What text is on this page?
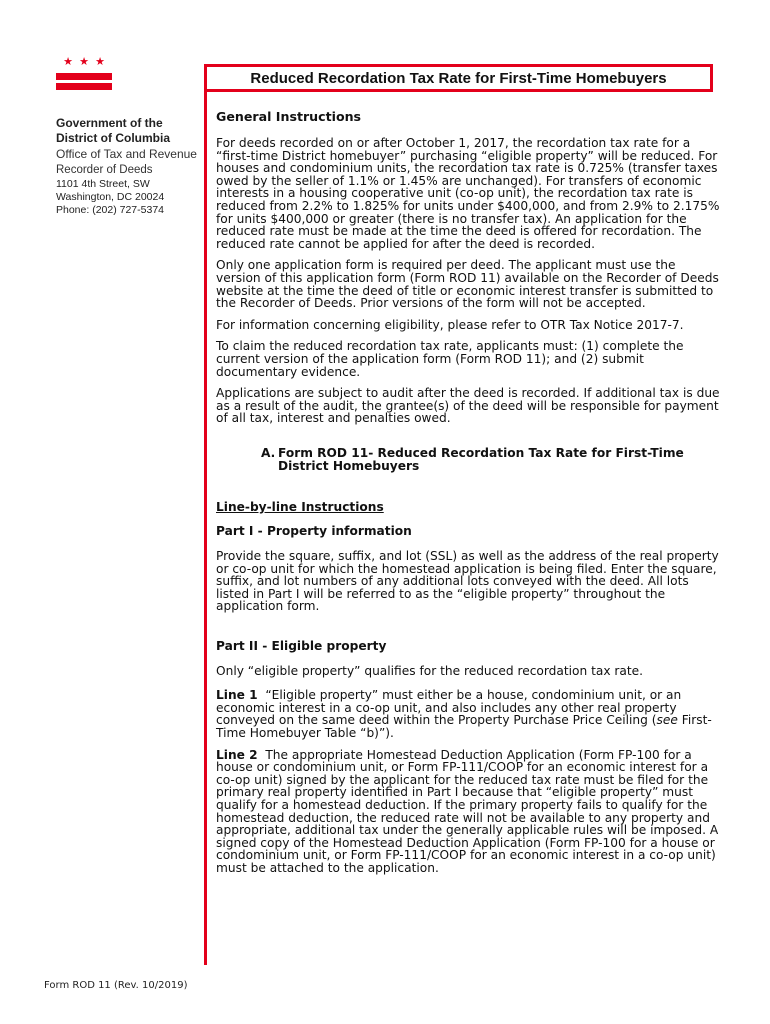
★ ★ ★
Government of the
District of Columbia
Office of Tax and Revenue
Recorder of Deeds
1101 4th Street, SW
Washington, DC 20024
Phone: (202) 727-5374
Reduced Recordation Tax Rate for First-Time Homebuyers
General Instructions

For deeds recorded on or after October 1, 2017, the recordation tax rate for a “first-time District homebuyer” purchasing “eligible property” will be reduced. For houses and condominium units, the recordation tax rate is 0.725% (transfer taxes owed by the seller of 1.1% or 1.45% are unchanged). For transfers of economic interests in a housing cooperative unit (co-op unit), the recordation tax rate is reduced from 2.2% to 1.825% for units under $400,000, and from 2.9% to 2.175% for units $400,000 or greater (there is no transfer tax). An application for the reduced rate must be made at the time the deed is offered for recordation. The reduced rate cannot be applied for after the deed is recorded.

Only one application form is required per deed. The applicant must use the version of this application form (Form ROD 11) available on the Recorder of Deeds website at the time the deed of title or economic interest transfer is submitted to the Recorder of Deeds. Prior versions of the form will not be accepted.

For information concerning eligibility, please refer to OTR Tax Notice 2017-7.

To claim the reduced recordation tax rate, applicants must: (1) complete the current version of the application form (Form ROD 11); and (2) submit documentary evidence.

Applications are subject to audit after the deed is recorded. If additional tax is due as a result of the audit, the grantee(s) of the deed will be responsible for payment of all tax, interest and penalties owed.

A. Form ROD 11- Reduced Recordation Tax Rate for First-Time District Homebuyers

Line-by-line Instructions

Part I - Property information

Provide the square, suffix, and lot (SSL) as well as the address of the real property or co-op unit for which the homestead application is being filed. Enter the square, suffix, and lot numbers of any additional lots conveyed with the deed. All lots listed in Part I will be referred to as the “eligible property” throughout the application form.

Part II - Eligible property

Only “eligible property” qualifies for the reduced recordation tax rate.

Line 1 “Eligible property” must either be a house, condominium unit, or an economic interest in a co-op unit, and also includes any other real property conveyed on the same deed within the Property Purchase Price Ceiling (see First-Time Homebuyer Table “b)”).

Line 2 The appropriate Homestead Deduction Application (Form FP-100 for a house or condominium unit, or Form FP-111/COOP for an economic interest for a co-op unit) signed by the applicant for the reduced tax rate must be filed for the primary real property identified in Part I because that “eligible property” must qualify for a homestead deduction. If the primary property fails to qualify for the homestead deduction, the reduced rate will not be available to any property and appropriate, additional tax under the generally applicable rules will be imposed. A signed copy of the Homestead Deduction Application (Form FP-100 for a house or condominium unit, or Form FP-111/COOP for an economic interest in a co-op unit) must be attached to the application.

Form ROD 11 (Rev. 10/2019)
